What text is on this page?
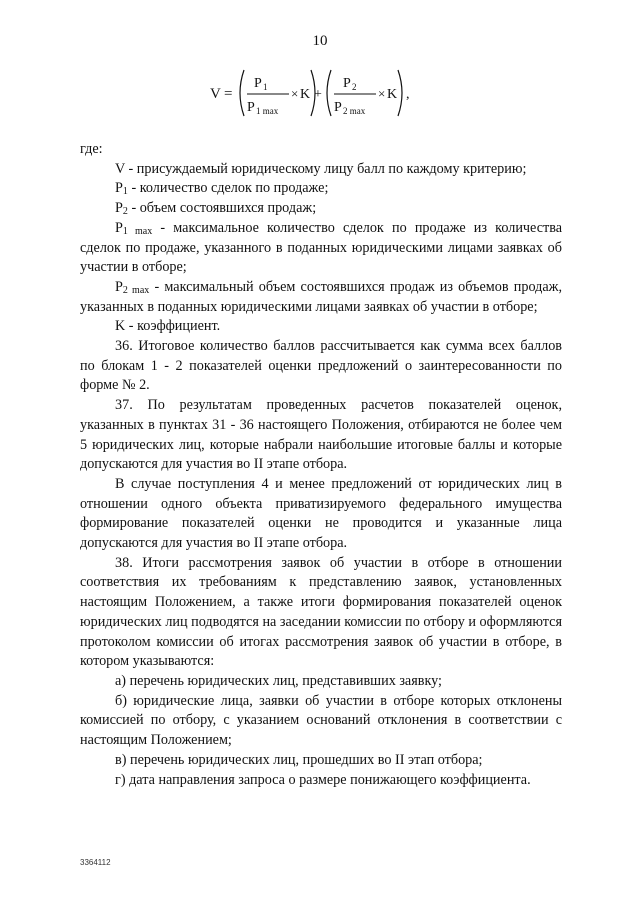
10
V =
P 1
P 1 max
× K +
P 2
P 2 max
× K ,

где:

V - присуждаемый юридическому лицу балл по каждому критерию;

$P_1$ - количество сделок по продаже;

$P_2$ - объем состоявшихся продаж;

$P_{1 max}$ - максимальное количество сделок по продаже из количества сделок по продаже, указанного в поданных юридическими лицами заявках об участии в отборе;

$P_{2 max}$ - максимальный объем состоявшихся продаж из объемов продаж, указанных в поданных юридическими лицами заявках об участии в отборе;

K - коэффициент.

36. Итоговое количество баллов рассчитывается как сумма всех баллов по блокам 1 - 2 показателей оценки предложений о заинтересованности по форме № 2.

37. По результатам проведенных расчетов показателей оценок, указанных в пунктах 31 - 36 настоящего Положения, отбираются не более чем 5 юридических лиц, которые набрали наибольшие итоговые баллы и которые допускаются для участия во II этапе отбора.

В случае поступления 4 и менее предложений от юридических лиц в отношении одного объекта приватизируемого федерального имущества формирование показателей оценки не проводится и указанные лица допускаются для участия во II этапе отбора.

38. Итоги рассмотрения заявок об участии в отборе в отношении соответствия их требованиям к представлению заявок, установленных настоящим Положением, а также итоги формирования показателей оценок юридических лиц подводятся на заседании комиссии по отбору и оформляются протоколом комиссии об итогах рассмотрения заявок об участии в отборе, в котором указываются:

а) перечень юридических лиц, представивших заявку;

б) юридические лица, заявки об участии в отборе которых отклонены комиссией по отбору, с указанием оснований отклонения в соответствии с настоящим Положением;

в) перечень юридических лиц, прошедших во II этап отбора;

г) дата направления запроса о размере понижающего коэффициента.

3364112
